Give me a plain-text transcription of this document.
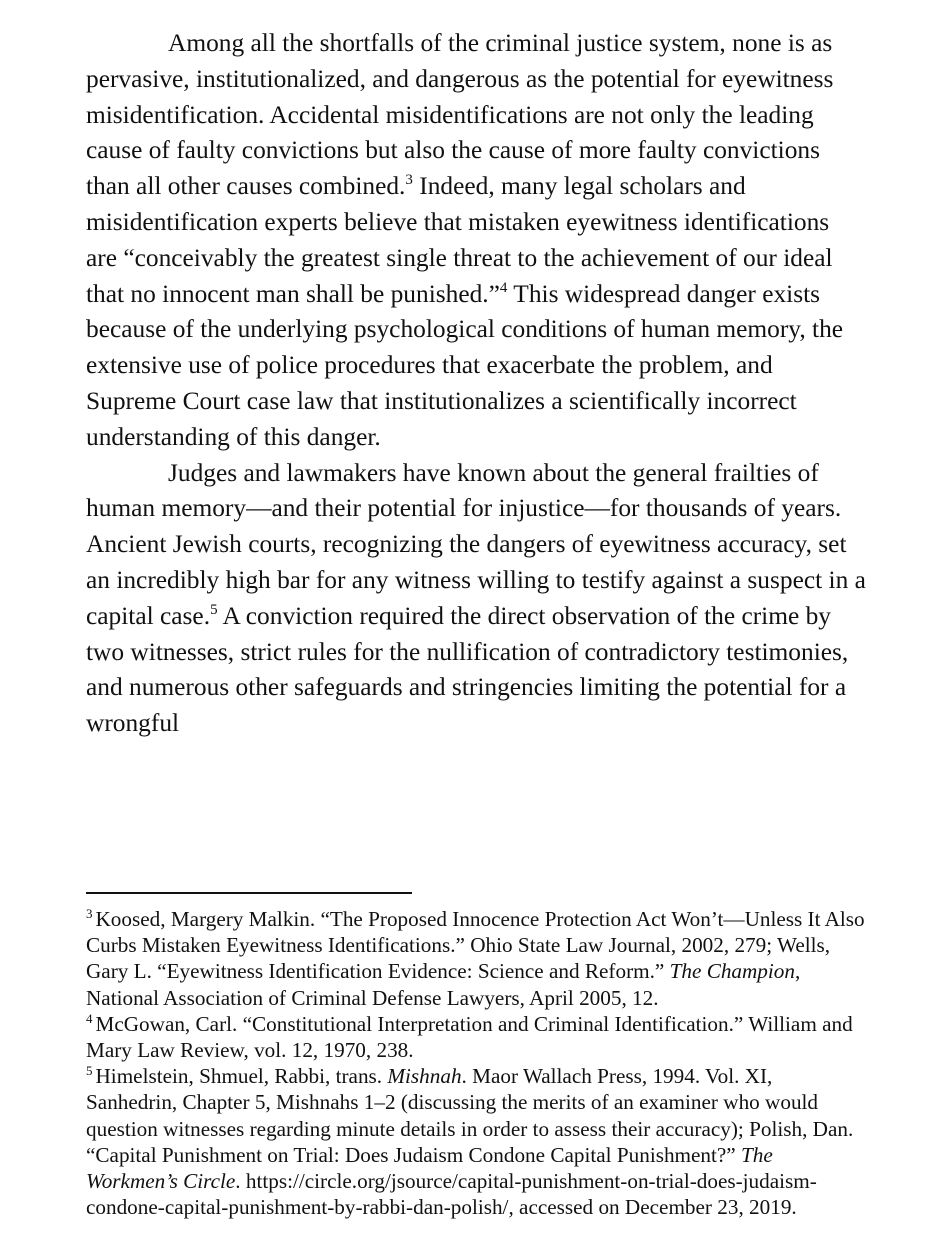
Among all the shortfalls of the criminal justice system, none is as pervasive, institutionalized, and dangerous as the potential for eyewitness misidentification. Accidental misidentifications are not only the leading cause of faulty convictions but also the cause of more faulty convictions than all other causes combined.$^3$ Indeed, many legal scholars and misidentification experts believe that mistaken eyewitness identifications are “conceivably the greatest single threat to the achievement of our ideal that no innocent man shall be punished.”$^4$ This widespread danger exists because of the underlying psychological conditions of human memory, the extensive use of police procedures that exacerbate the problem, and Supreme Court case law that institutionalizes a scientifically incorrect understanding of this danger.

Judges and lawmakers have known about the general frailties of human memory—and their potential for injustice—for thousands of years. Ancient Jewish courts, recognizing the dangers of eyewitness accuracy, set an incredibly high bar for any witness willing to testify against a suspect in a capital case.$^5$ A conviction required the direct observation of the crime by two witnesses, strict rules for the nullification of contradictory testimonies, and numerous other safeguards and stringencies limiting the potential for a wrongful

$^3$ Koosed, Margery Malkin. “The Proposed Innocence Protection Act Won’t—Unless It Also Curbs Mistaken Eyewitness Identifications.” Ohio State Law Journal, 2002, 279; Wells, Gary L. “Eyewitness Identification Evidence: Science and Reform.” The Champion, National Association of Criminal Defense Lawyers, April 2005, 12.

$^4$ McGowan, Carl. “Constitutional Interpretation and Criminal Identification.” William and Mary Law Review, vol. 12, 1970, 238.

$^5$ Himelstein, Shmuel, Rabbi, trans. Mishnah. Maor Wallach Press, 1994. Vol. XI, Sanhedrin, Chapter 5, Mishnahs 1–2 (discussing the merits of an examiner who would question witnesses regarding minute details in order to assess their accuracy); Polish, Dan. “Capital Punishment on Trial: Does Judaism Condone Capital Punishment?” The Workmen’s Circle. https://circle.org/jsource/capital-punishment-on-trial-does-judaism-condone-capital-punishment-by-rabbi-dan-polish/, accessed on December 23, 2019.
